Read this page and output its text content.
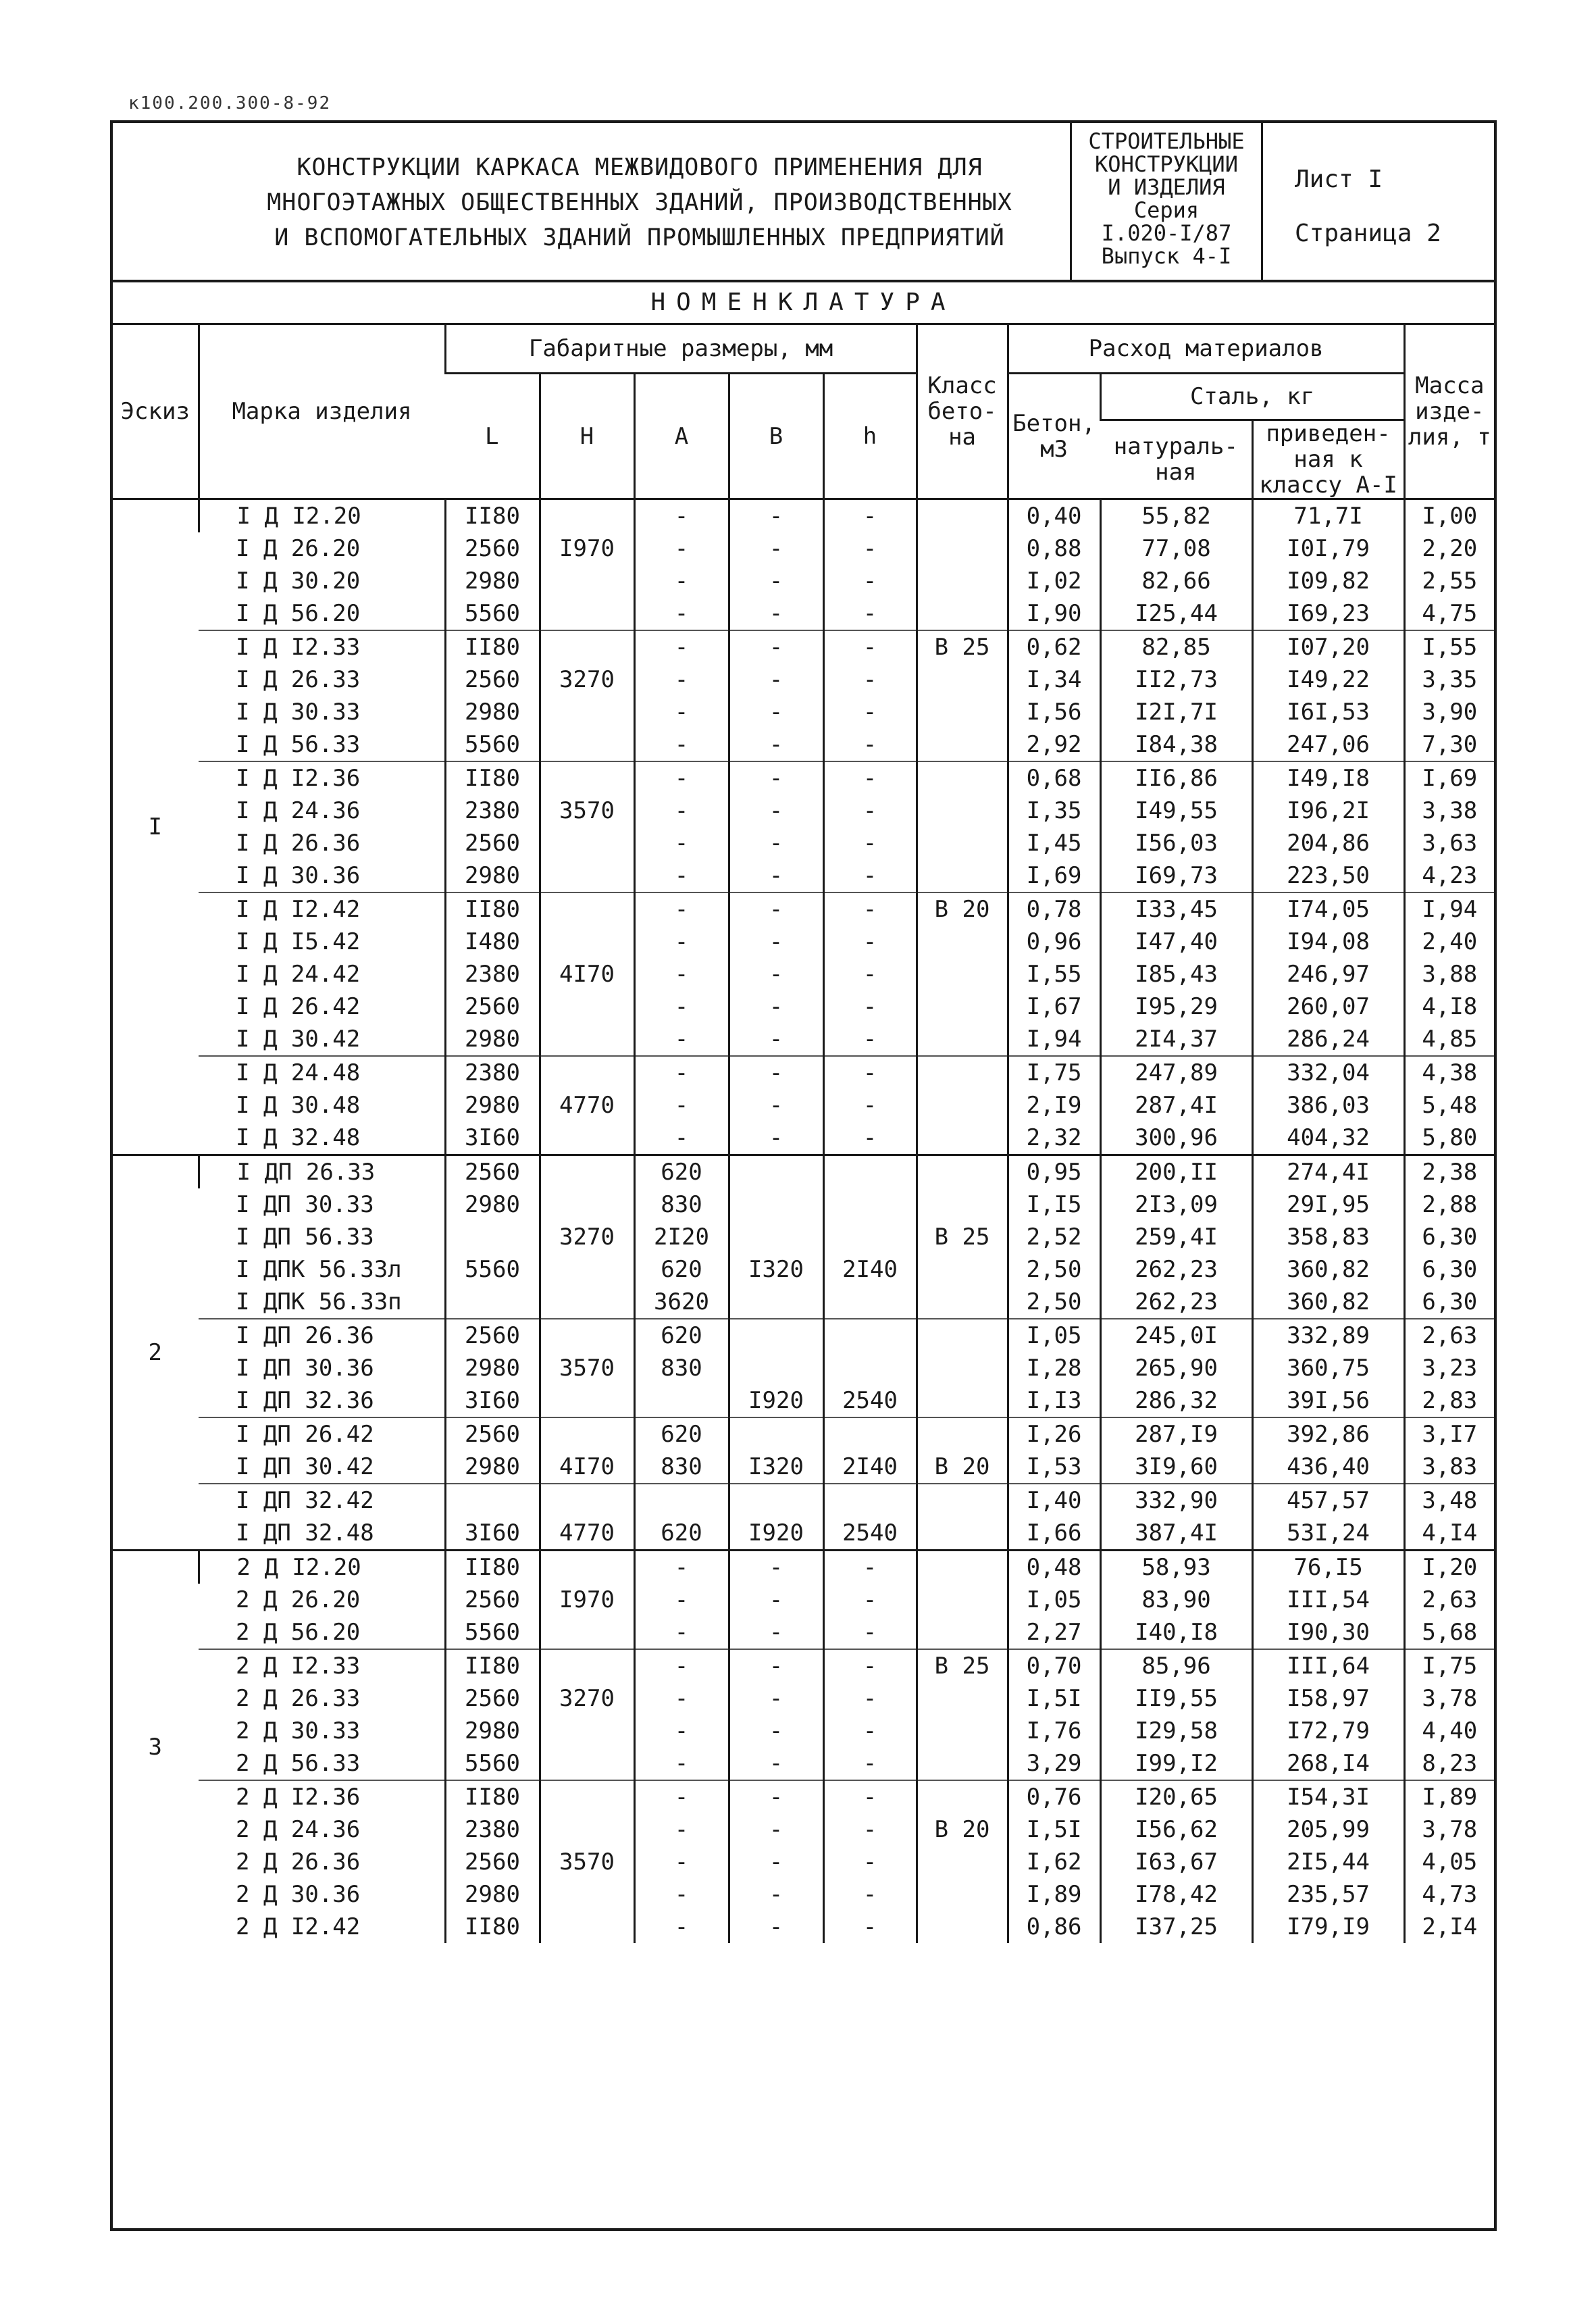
к100.200.300-8-92
КОНСТРУКЦИИ КАРКАСА МЕЖВИДОВОГО ПРИМЕНЕНИЯ ДЛЯ
МНОГОЭТАЖНЫХ ОБЩЕСТВЕННЫХ ЗДАНИЙ, ПРОИЗВОДСТВЕННЫХ
И ВСПОМОГАТЕЛЬНЫХ ЗДАНИЙ ПРОМЫШЛЕННЫХ ПРЕДПРИЯТИЙ
СТРОИТЕЛЬНЫЕ
КОНСТРУКЦИИ
И ИЗДЕЛИЯ
Серия
I.020-I/87
Выпуск 4-I
Лист I
Страница 2
НОМЕНКЛАТУРА
Эскиз	Марка изделия	Габаритные размеры, мм					Класс бето- на	Расход материалов			Масса изде- лия, т
		L	H	A	B	h		Бетон, м3	Сталь, кг		
									натураль- ная	приведен- ная к классу A-I	
I	I Д I2.20	II80		-	-	-		0,40	55,82	71,7I	I,00
	I Д 26.20	2560	I970	-	-	-		0,88	77,08	I0I,79	2,20
	I Д 30.20	2980		-	-	-		I,02	82,66	I09,82	2,55
	I Д 56.20	5560		-	-	-		I,90	I25,44	I69,23	4,75
	I Д I2.33	II80		-	-	-	В 25	0,62	82,85	I07,20	I,55
	I Д 26.33	2560	3270	-	-	-		I,34	II2,73	I49,22	3,35
	I Д 30.33	2980		-	-	-		I,56	I2I,7I	I6I,53	3,90
	I Д 56.33	5560		-	-	-		2,92	I84,38	247,06	7,30
	I Д I2.36	II80		-	-	-		0,68	II6,86	I49,I8	I,69
	I Д 24.36	2380	3570	-	-	-		I,35	I49,55	I96,2I	3,38
	I Д 26.36	2560		-	-	-		I,45	I56,03	204,86	3,63
	I Д 30.36	2980		-	-	-		I,69	I69,73	223,50	4,23
	I Д I2.42	II80		-	-	-	В 20	0,78	I33,45	I74,05	I,94
	I Д I5.42	I480		-	-	-		0,96	I47,40	I94,08	2,40
	I Д 24.42	2380	4I70	-	-	-		I,55	I85,43	246,97	3,88
	I Д 26.42	2560		-	-	-		I,67	I95,29	260,07	4,I8
	I Д 30.42	2980		-	-	-		I,94	2I4,37	286,24	4,85
	I Д 24.48	2380		-	-	-		I,75	247,89	332,04	4,38
	I Д 30.48	2980	4770	-	-	-		2,I9	287,4I	386,03	5,48
	I Д 32.48	3I60		-	-	-		2,32	300,96	404,32	5,80
2	I ДП 26.33	2560		620				0,95	200,II	274,4I	2,38
	I ДП 30.33	2980		830				I,I5	2I3,09	29I,95	2,88
	I ДП 56.33		3270	2I20			В 25	2,52	259,4I	358,83	6,30
	I ДПК 56.33л	5560		620	I320	2I40		2,50	262,23	360,82	6,30
	I ДПК 56.33п			3620				2,50	262,23	360,82	6,30
	I ДП 26.36	2560		620				I,05	245,0I	332,89	2,63
	I ДП 30.36	2980	3570	830				I,28	265,90	360,75	3,23
	I ДП 32.36	3I60			I920	2540		I,I3	286,32	39I,56	2,83
	I ДП 26.42	2560		620				I,26	287,I9	392,86	3,I7
	I ДП 30.42	2980	4I70	830	I320	2I40	В 20	I,53	3I9,60	436,40	3,83
	I ДП 32.42							I,40	332,90	457,57	3,48
	I ДП 32.48	3I60	4770	620	I920	2540		I,66	387,4I	53I,24	4,I4
3	2 Д I2.20	II80		-	-	-		0,48	58,93	76,I5	I,20
	2 Д 26.20	2560	I970	-	-	-		I,05	83,90	III,54	2,63
	2 Д 56.20	5560		-	-	-		2,27	I40,I8	I90,30	5,68
	2 Д I2.33	II80		-	-	-	В 25	0,70	85,96	III,64	I,75
	2 Д 26.33	2560	3270	-	-	-		I,5I	II9,55	I58,97	3,78
	2 Д 30.33	2980		-	-	-		I,76	I29,58	I72,79	4,40
	2 Д 56.33	5560		-	-	-		3,29	I99,I2	268,I4	8,23
	2 Д I2.36	II80		-	-	-		0,76	I20,65	I54,3I	I,89
	2 Д 24.36	2380		-	-	-	В 20	I,5I	I56,62	205,99	3,78
	2 Д 26.36	2560	3570	-	-	-		I,62	I63,67	2I5,44	4,05
	2 Д 30.36	2980		-	-	-		I,89	I78,42	235,57	4,73
	2 Д I2.42	II80		-	-	-		0,86	I37,25	I79,I9	2,I4
